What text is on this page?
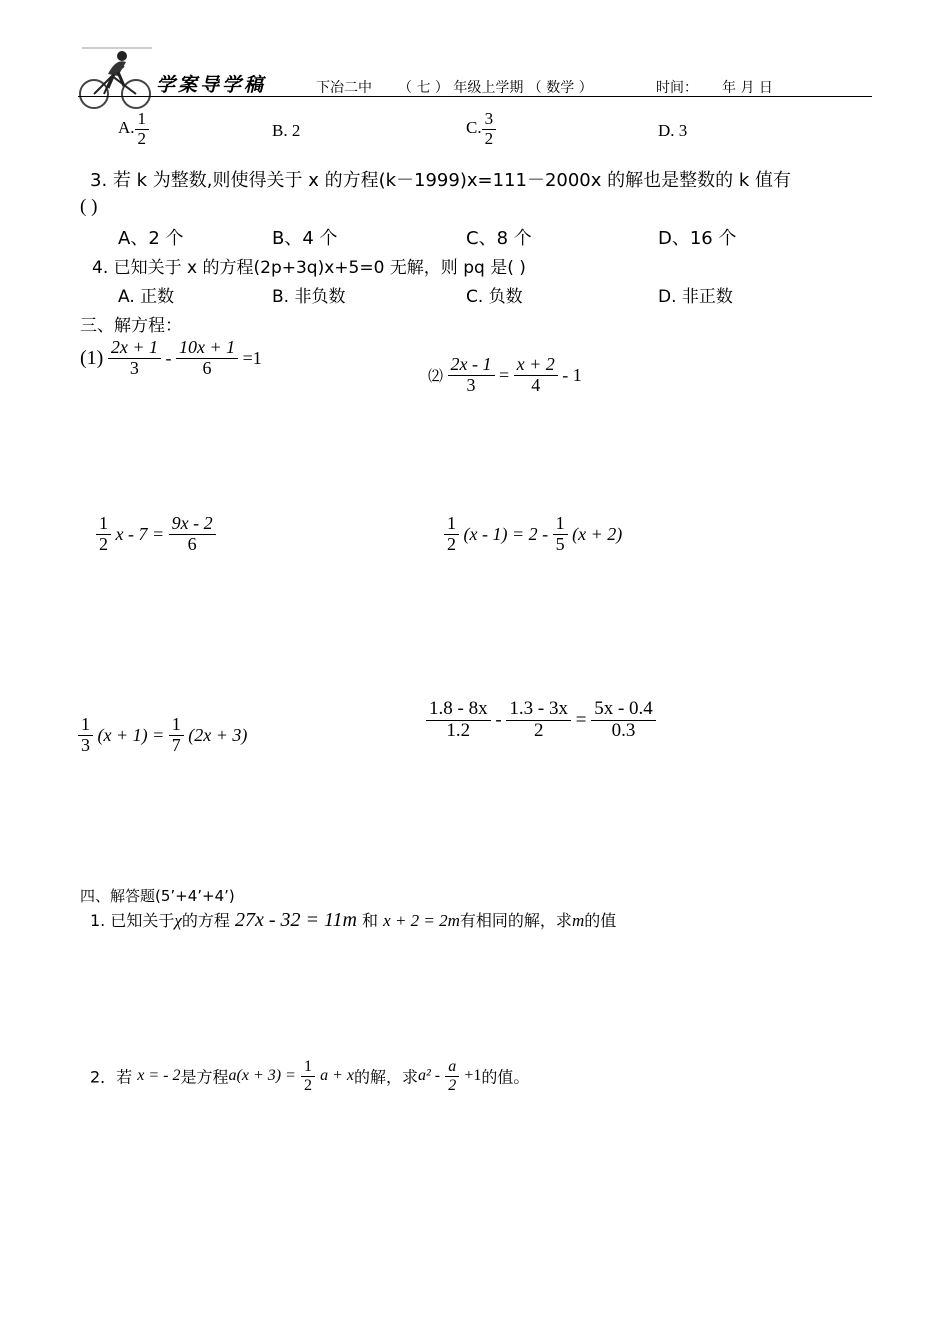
学案导学稿	下冶二中 （ 七 ） 年级上学期 （ 数学 ）	时间： 年 月 日
A. $\frac{1}{2}$	B. 2	C. $\frac{3}{2}$	D. 3
3. 若 k 为整数,则使得关于 x 的方程(k－1999)x=111－2000x 的解也是整数的 k 值有
( )
A、2 个	B、4 个	C、8 个	D、16 个
4. 已知关于 x 的方程(2p+3q)x+5=0 无解，则 pq 是( )
A. 正数	B. 非负数	C. 负数	D. 非正数
三、解方程：
$(1) \frac{2x + 1}{3} - \frac{10x + 1}{6} =1$
⑵ $\frac{2x - 1}{3} = \frac{x + 2}{4} - 1$
$\frac{1}{2}$ $x - 7 = \frac{9x - 2}{6}$	$\frac{1}{2} (x - 1) = 2 - \frac{1}{5} (x + 2)$
$\frac{1}{3} (x + 1) = \frac{1}{7} (2x + 3)$	$\frac{1.8 - 8x}{1.2} - \frac{1.3 - 3x}{2} = \frac{5x - 0.4}{0.3}$
四、解答题(5’+4’+4’)
1. 已知关于χ的方程 27x - 32 = 11m 和 x + 2 = 2m有相同的解，求m的值
2．若 x = - 2是方程$a(x + 3) = \frac{1}{2}$ a + x的解，求$a^2 - \frac{a}{2} +1$的值。
